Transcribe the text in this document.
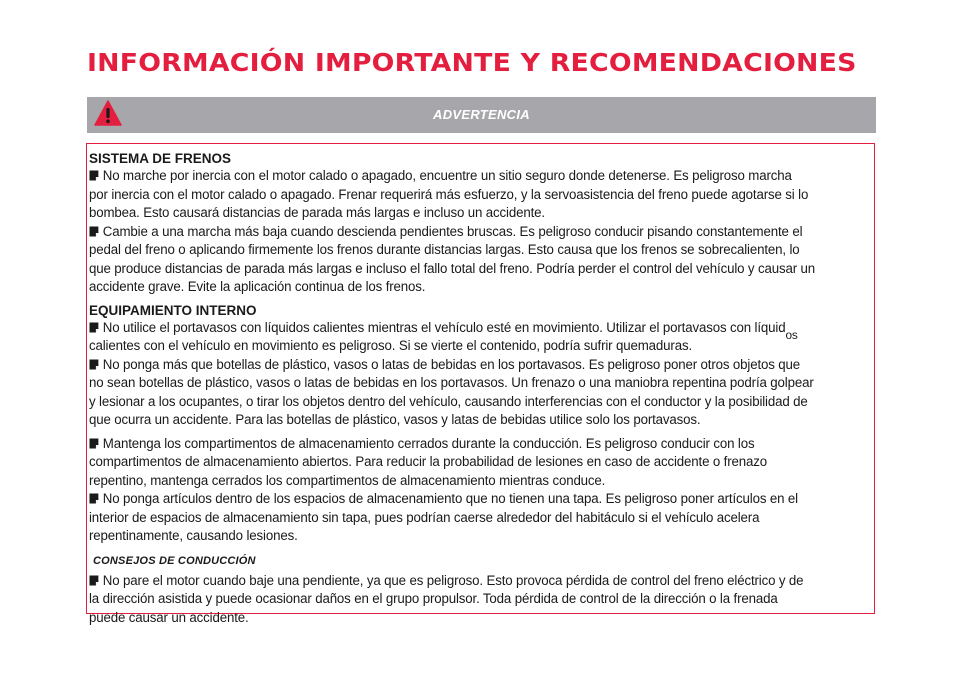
INFORMACIÓN IMPORTANTE Y RECOMENDACIONES
ADVERTENCIA
SISTEMA DE FRENOS
No marche por inercia con el motor calado o apagado, encuentre un sitio seguro donde detenerse. Es peligroso marcha
por inercia con el motor calado o apagado. Frenar requerirá más esfuerzo, y la servoasistencia del freno puede agotarse si lo
bombea. Esto causará distancias de parada más largas e incluso un accidente.
Cambie a una marcha más baja cuando descienda pendientes bruscas. Es peligroso conducir pisando constantemente el
pedal del freno o aplicando firmemente los frenos durante distancias largas. Esto causa que los frenos se sobrecalienten, lo
que produce distancias de parada más largas e incluso el fallo total del freno. Podría perder el control del vehículo y causar un
accidente grave. Evite la aplicación continua de los frenos.
EQUIPAMIENTO INTERNO
No utilice el portavasos con líquidos calientes mientras el vehículo esté en movimiento. Utilizar el portavasos con líquidos
calientes con el vehículo en movimiento es peligroso. Si se vierte el contenido, podría sufrir quemaduras.
No ponga más que botellas de plástico, vasos o latas de bebidas en los portavasos. Es peligroso poner otros objetos que
no sean botellas de plástico, vasos o latas de bebidas en los portavasos. Un frenazo o una maniobra repentina podría golpear
y lesionar a los ocupantes, o tirar los objetos dentro del vehículo, causando interferencias con el conductor y la posibilidad de
que ocurra un accidente. Para las botellas de plástico, vasos y latas de bebidas utilice solo los portavasos.
Mantenga los compartimentos de almacenamiento cerrados durante la conducción. Es peligroso conducir con los
compartimentos de almacenamiento abiertos. Para reducir la probabilidad de lesiones en caso de accidente o frenazo
repentino, mantenga cerrados los compartimentos de almacenamiento mientras conduce.
No ponga artículos dentro de los espacios de almacenamiento que no tienen una tapa. Es peligroso poner artículos en el
interior de espacios de almacenamiento sin tapa, pues podrían caerse alrededor del habitáculo si el vehículo acelera
repentinamente, causando lesiones.
CONSEJOS DE CONDUCCIÓN
No pare el motor cuando baje una pendiente, ya que es peligroso. Esto provoca pérdida de control del freno eléctrico y de
la dirección asistida y puede ocasionar daños en el grupo propulsor. Toda pérdida de control de la dirección o la frenada
puede causar un accidente.
